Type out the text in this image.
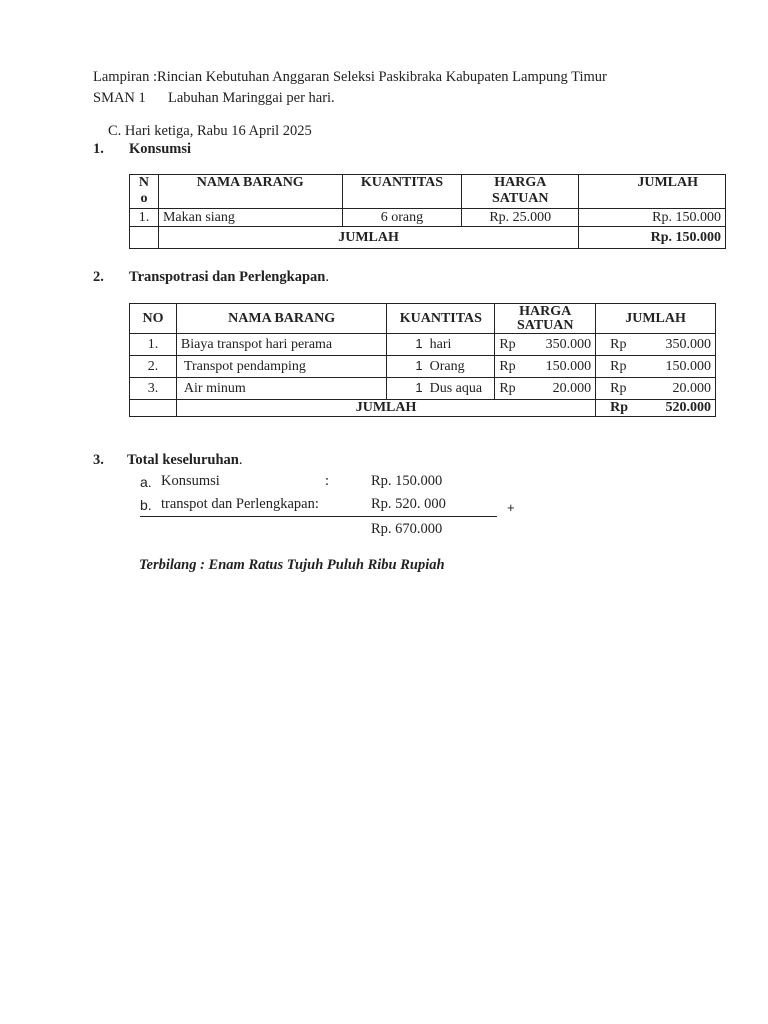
Lampiran :Rincian Kebutuhan Anggaran Seleksi Paskibraka Kabupaten Lampung Timur
SMAN 1 Labuhan Maringgai per hari.
C. Hari ketiga, Rabu 16 April 2025
1. Konsumsi
N
o	NAMA BARANG	KUANTITAS	HARGA SATUAN	JUMLAH
1.	Makan siang	6 orang	Rp. 25.000	Rp. 150.000
	JUMLAH			Rp. 150.000
2. Transpotrasi dan Perlengkapan.
NO	NAMA BARANG	KUANTITAS	HARGA SATUAN	JUMLAH
1.	Biaya transpot hari perama	1 hari	Rp 350.000	Rp 350.000

2.	Transpot pendamping	1 Orang	Rp 150.000	Rp 150.000

3.	Air minum	1 Dus aqua	Rp 20.000	Rp 20.000

	JUMLAH			Rp 520.000
3. Total keseluruhan.
a. Konsumsi	:	Rp. 150.000
b. transpot dan Perlengkapan:	Rp. 520. 000	+
Rp. 670.000
Terbilang : Enam Ratus Tujuh Puluh Ribu Rupiah
